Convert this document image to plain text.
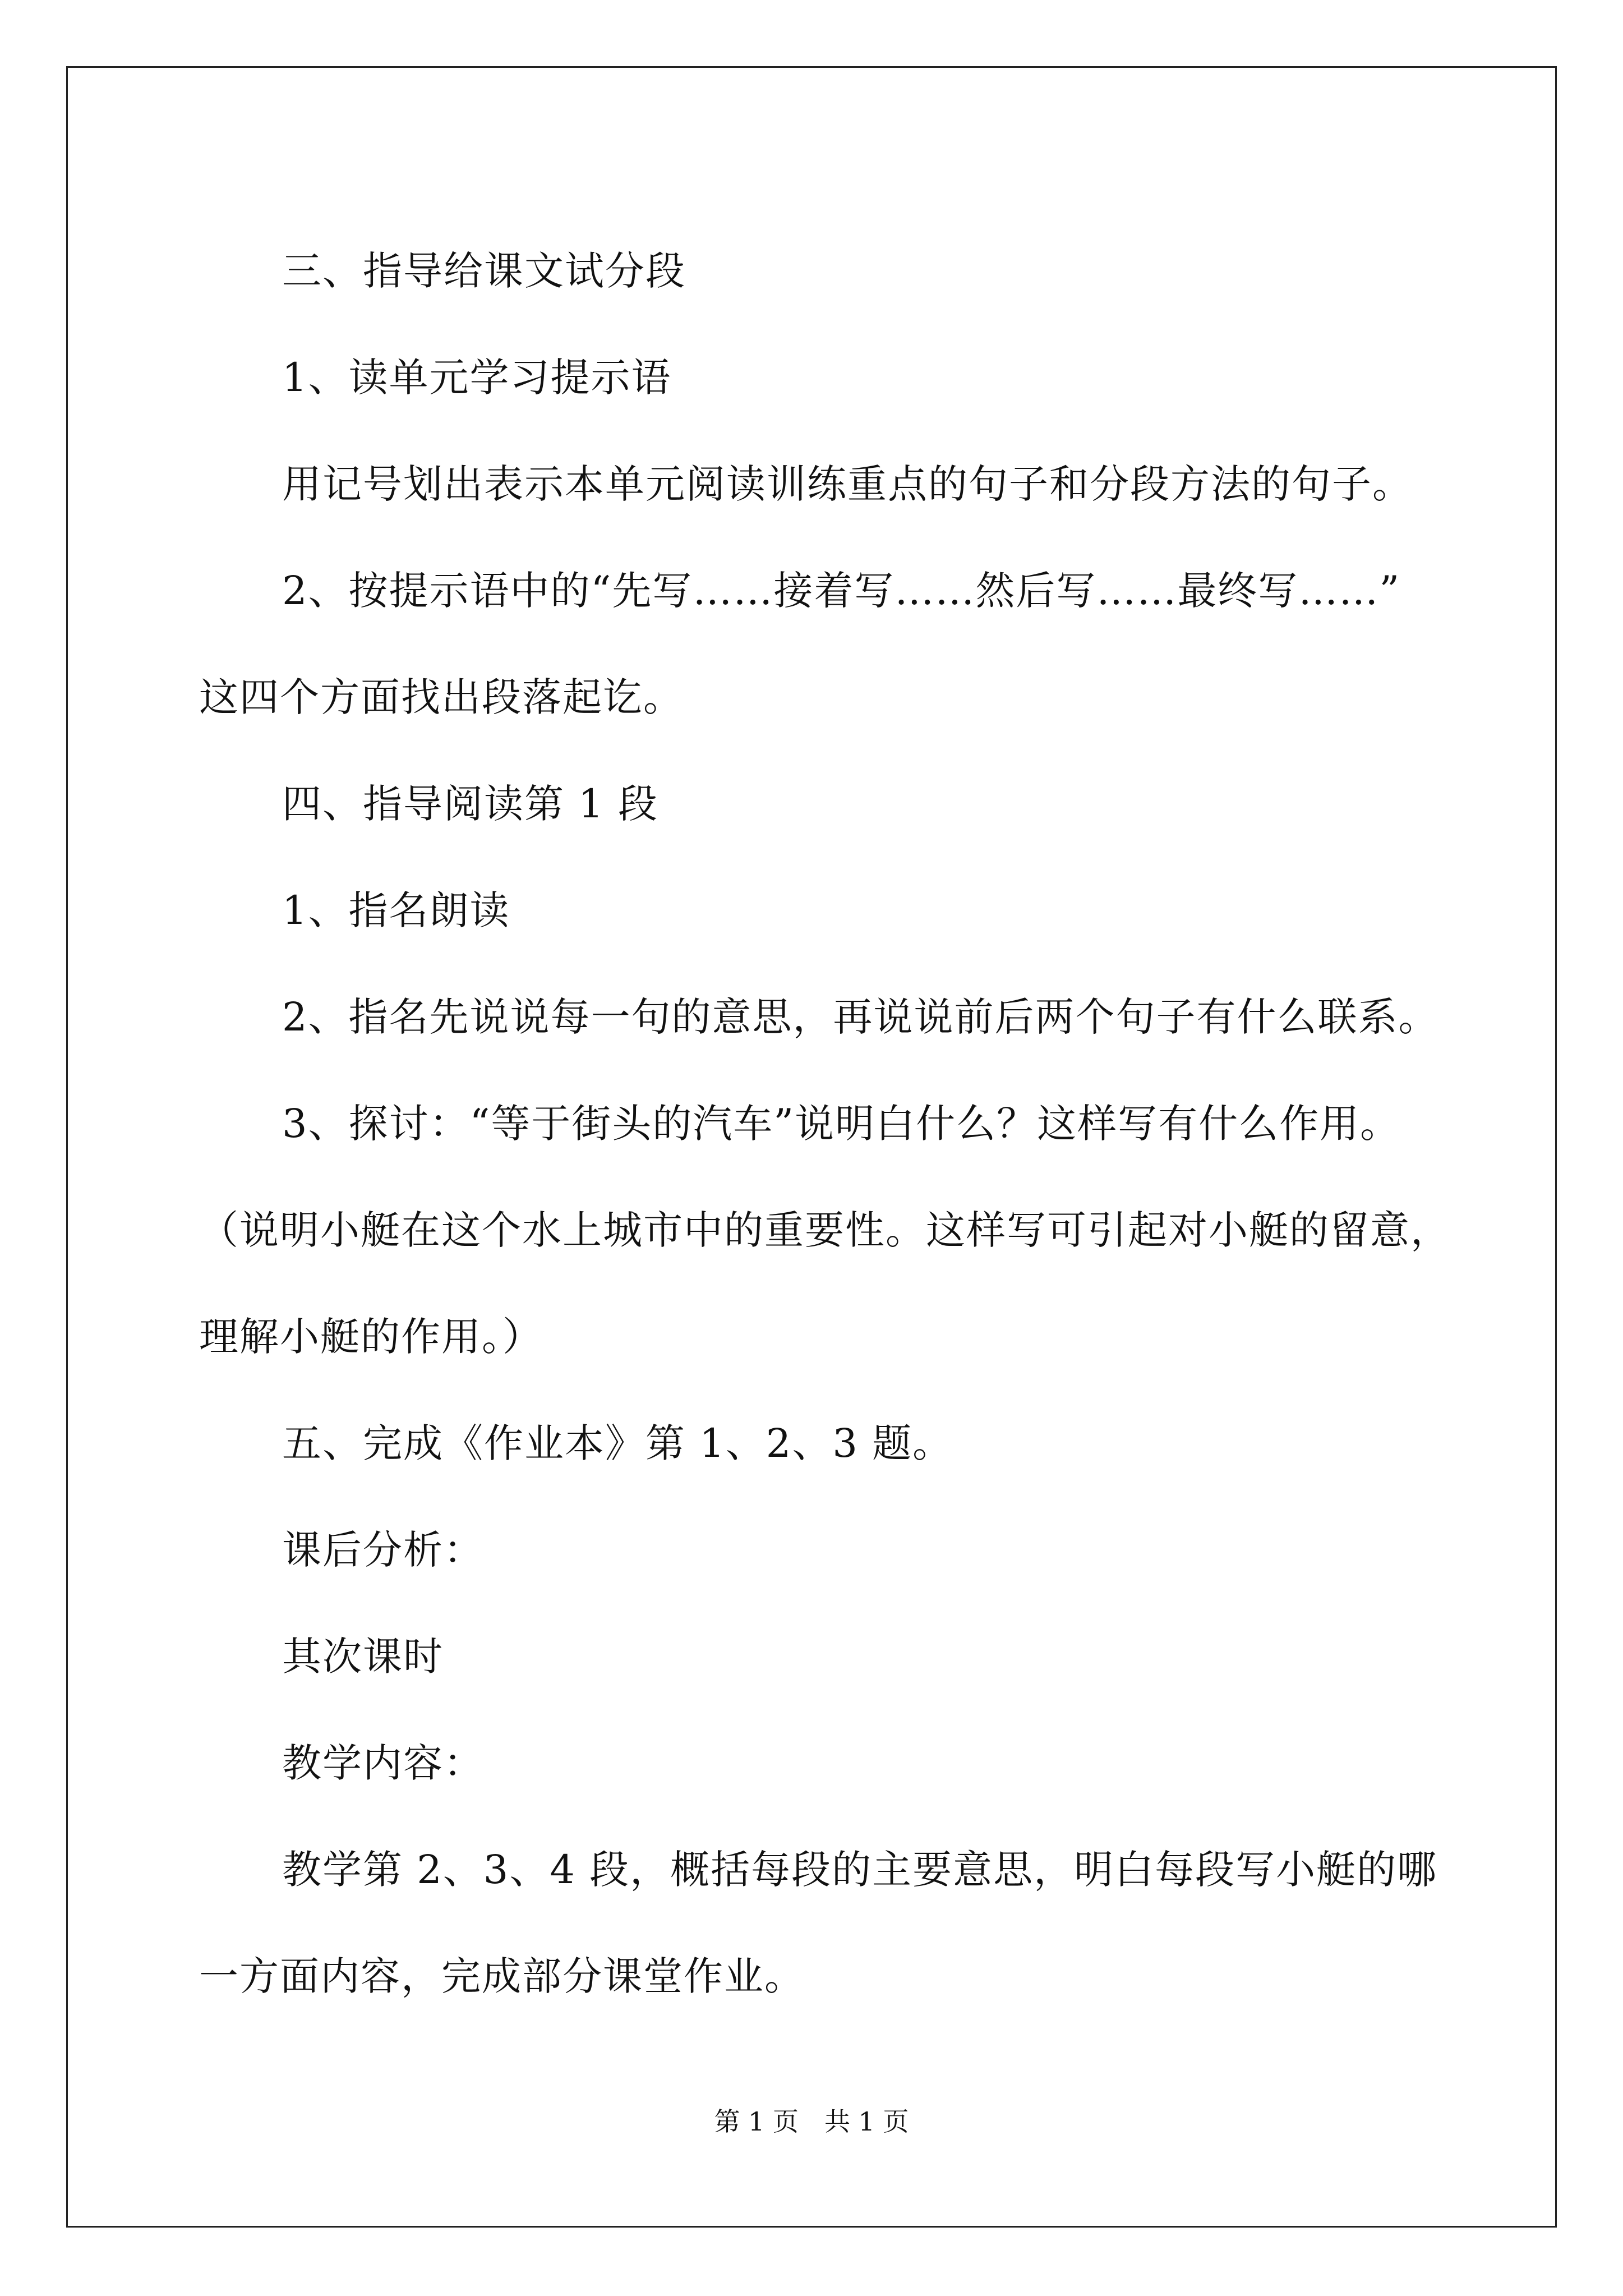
三、指导给课文试分段

1、读单元学习提示语

用记号划出表示本单元阅读训练重点的句子和分段方法的句子。

2、按提示语中的“先写……接着写……然后写……最终写……”

这四个方面找出段落起讫。

四、指导阅读第 1 段

1、指名朗读

2、指名先说说每一句的意思，再说说前后两个句子有什么联系。

3、探讨：“等于街头的汽车”说明白什么？这样写有什么作用。

（说明小艇在这个水上城市中的重要性。这样写可引起对小艇的留意，

理解小艇的作用。）

五、完成《作业本》第 1、2、3 题。

课后分析：

其次课时

教学内容：

教学第 2、3、4 段，概括每段的主要意思，明白每段写小艇的哪

一方面内容，完成部分课堂作业。

第 1 页　共 1 页
